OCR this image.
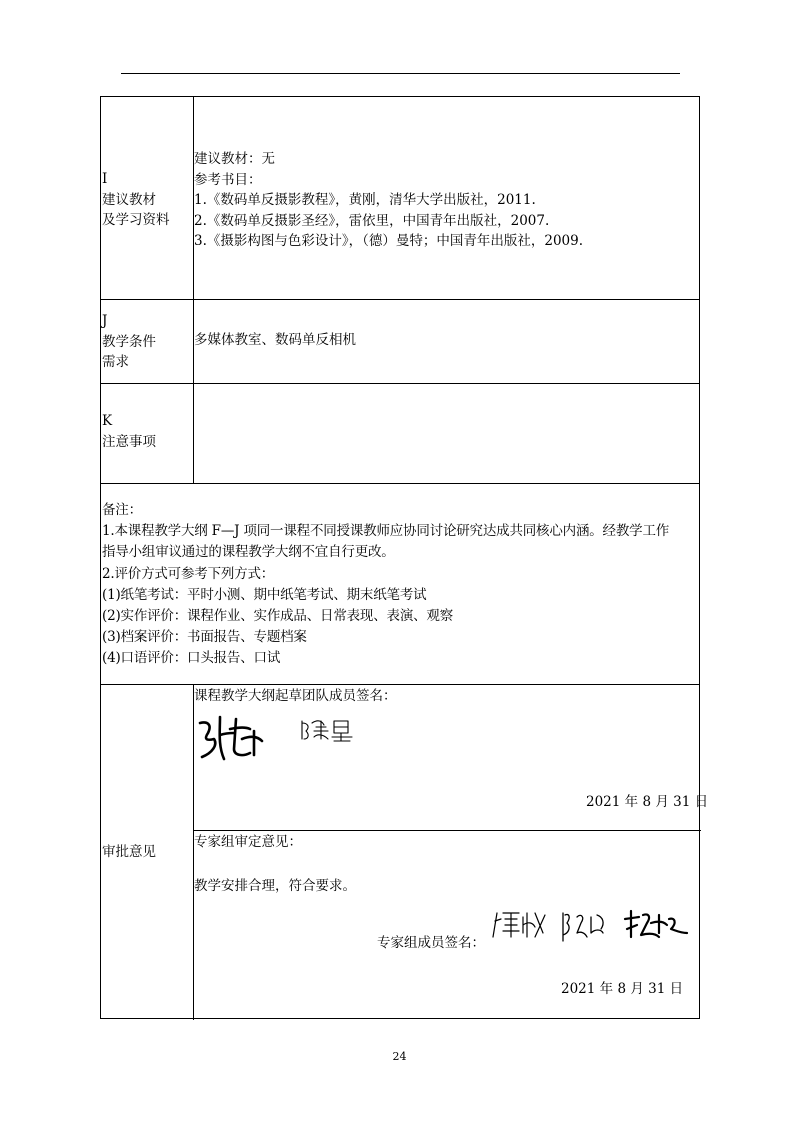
I
建议教材
及学习资料
建议教材：无
参考书目：
1.《数码单反摄影教程》，黄刚，清华大学出版社，2011.
2.《数码单反摄影圣经》，雷依里，中国青年出版社，2007.
3.《摄影构图与色彩设计》，（德）曼特；中国青年出版社，2009.
J
教学条件
需求
多媒体教室、数码单反相机
K
注意事项
备注：
1.本课程教学大纲 F—J 项同一课程不同授课教师应协同讨论研究达成共同核心内涵。经教学工作
指导小组审议通过的课程教学大纲不宜自行更改。
2.评价方式可参考下列方式：
(1)纸笔考试：平时小测、期中纸笔考试、期末纸笔考试
(2)实作评价：课程作业、实作成品、日常表现、表演、观察
(3)档案评价：书面报告、专题档案
(4)口语评价：口头报告、口试
审批意见
课程教学大纲起草团队成员签名：
2021 年 8 月 31 日
专家组审定意见：
教学安排合理，符合要求。
专家组成员签名：
2021 年 8 月 31 日
24
